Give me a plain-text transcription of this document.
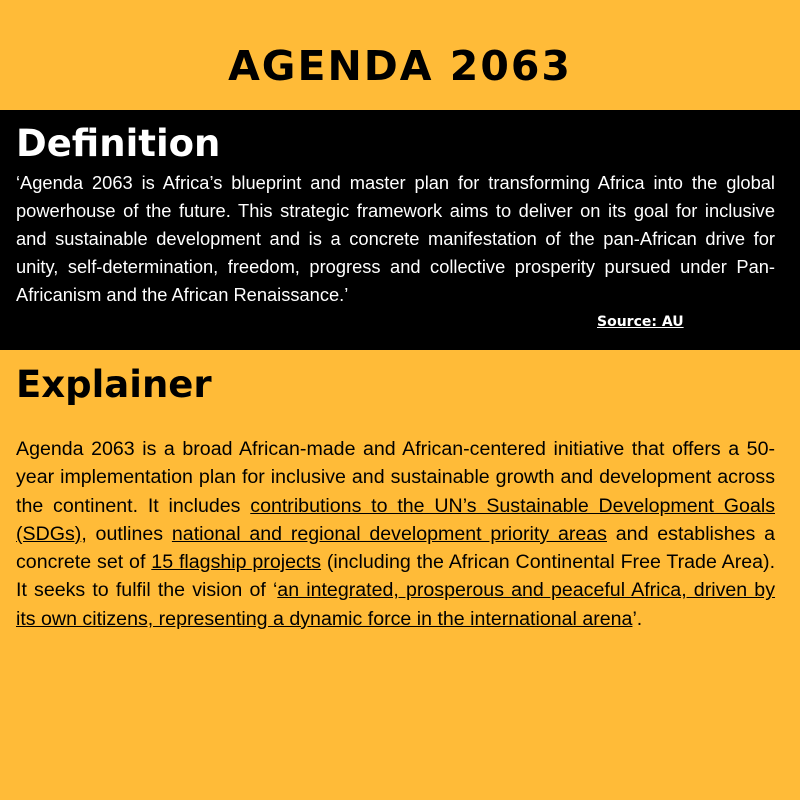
AGENDA 2063
Definition

‘Agenda 2063 is Africa’s blueprint and master plan for transforming Africa into the global powerhouse of the future. This strategic framework aims to deliver on its goal for inclusive and sustainable development and is a concrete manifestation of the pan-African drive for unity, self-determination, freedom, progress and collective prosperity pursued under Pan-Africanism and the African Renaissance.’

Source: AU

Explainer

Agenda 2063 is a broad African-made and African-centered initiative that offers a 50-year implementation plan for inclusive and sustainable growth and development across the continent. It includes contributions to the UN’s Sustainable Development Goals (SDGs), outlines national and regional development priority areas and establishes a concrete set of 15 flagship projects (including the African Continental Free Trade Area). It seeks to fulfil the vision of ‘an integrated, prosperous and peaceful Africa, driven by its own citizens, representing a dynamic force in the international arena’.
